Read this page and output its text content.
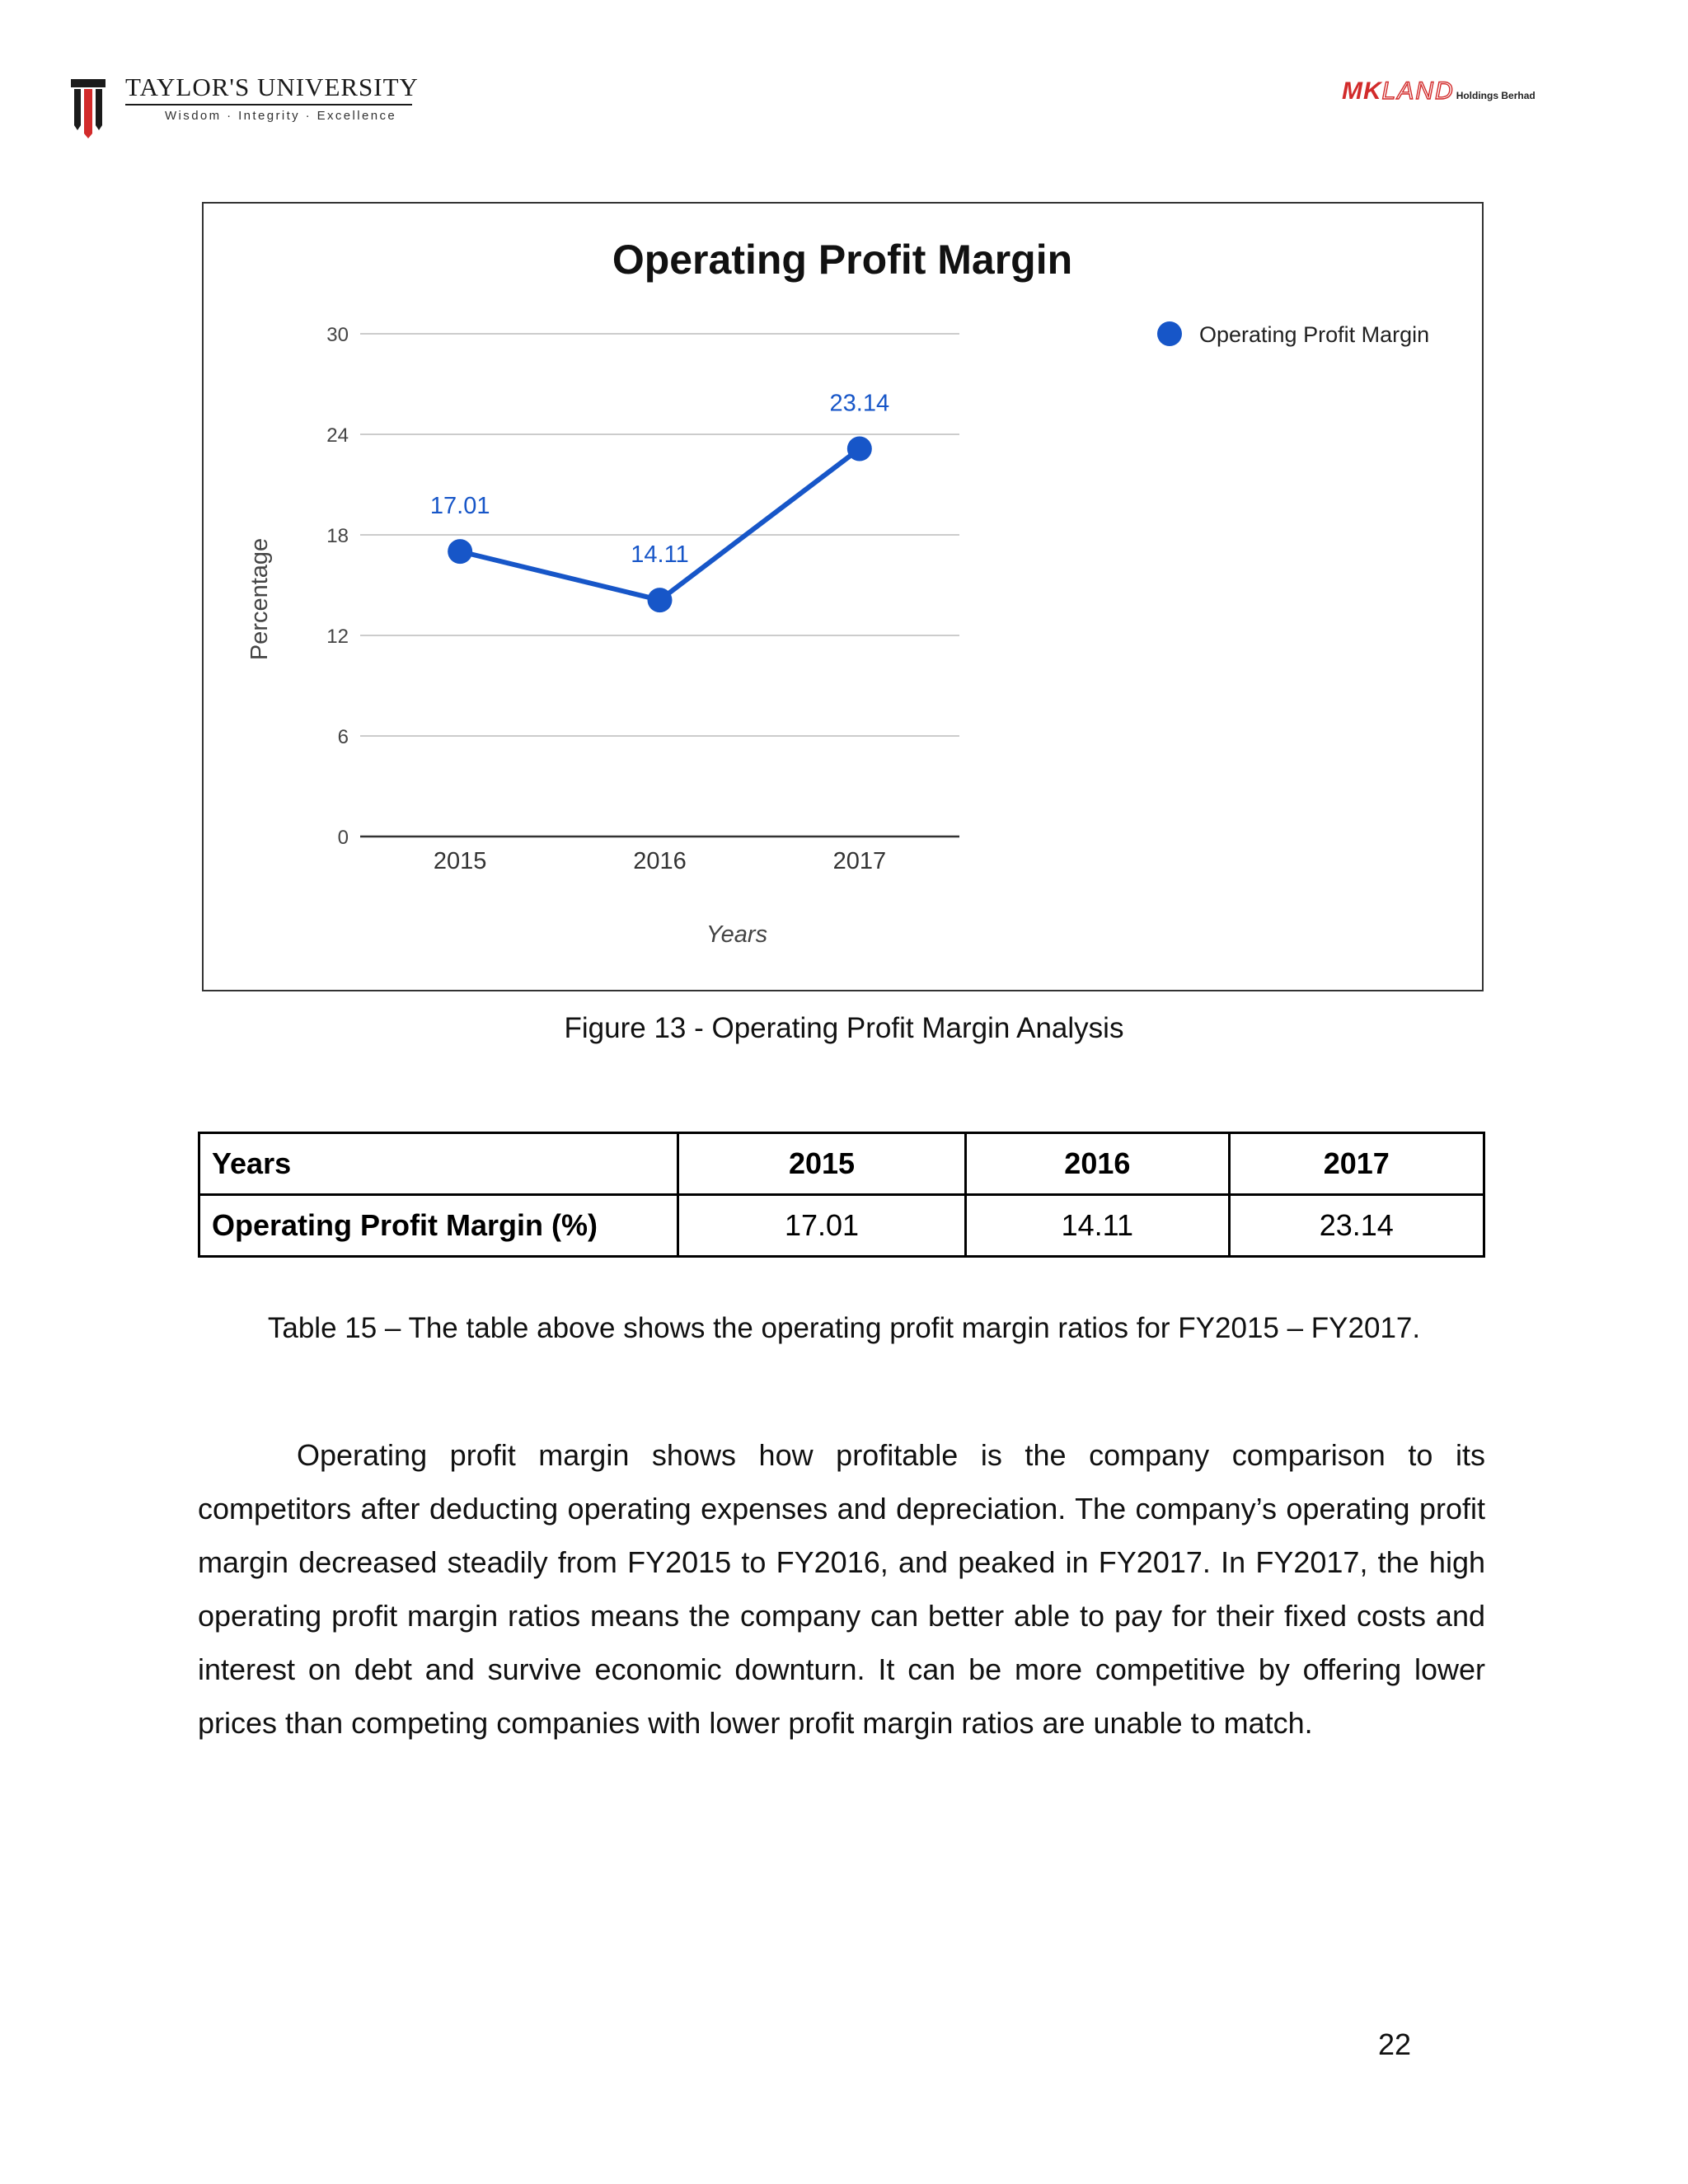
TAYLOR'S UNIVERSITY
Wisdom · Integrity · Excellence
MKLAND Holdings Berhad
Operating Profit Margin
0
6
12
18
24
30
2015	2016	2017
17.01
14.11
23.14
Years
Percentage
Operating Profit Margin
Figure 13 - Operating Profit Margin Analysis
Years	2015	2016	2017
Operating Profit Margin (%)	17.01	14.11	23.14
Table 15 – The table above shows the operating profit margin ratios for FY2015 – FY2017.

Operating profit margin shows how profitable is the company comparison to its competitors after deducting operating expenses and depreciation. The company’s operating profit margin decreased steadily from FY2015 to FY2016, and peaked in FY2017. In FY2017, the high operating profit margin ratios means the company can better able to pay for their fixed costs and interest on debt and survive economic downturn. It can be more competitive by offering lower prices than competing companies with lower profit margin ratios are unable to match.

22
